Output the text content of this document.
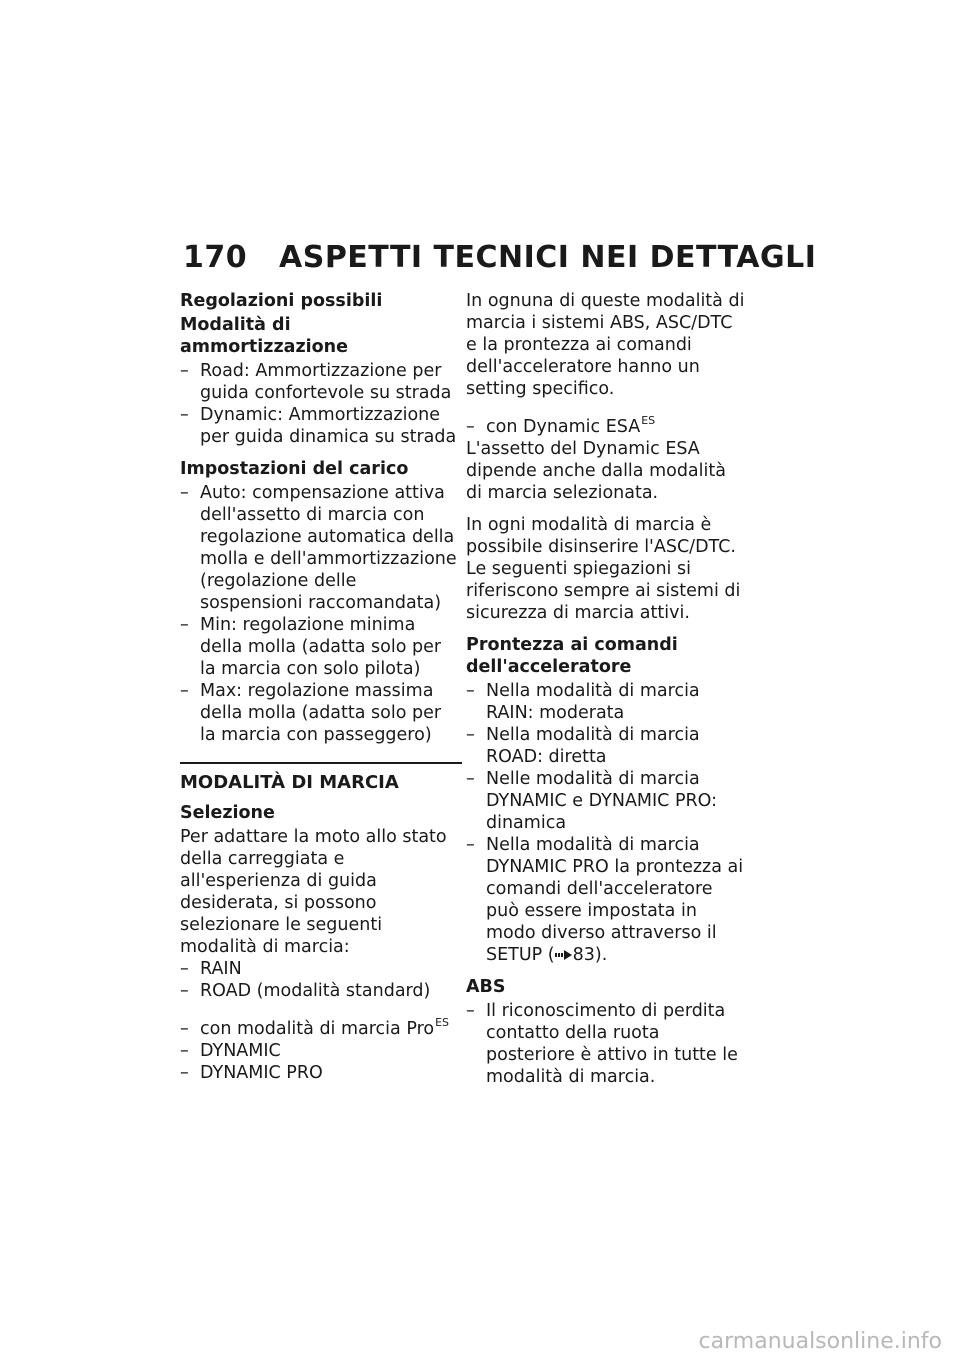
170 ASPETTI TECNICI NEI DETTAGLI
Regolazioni possibili
Modalità di ammortizzazione
– Road: Ammortizzazione per guida confortevole su strada
– Dynamic: Ammortizzazione per guida dinamica su strada
Impostazioni del carico
– Auto: compensazione attiva dell'assetto di marcia con regolazione automatica della molla e dell'ammortizzazione (regolazione delle sospensioni raccomandata)
– Min: regolazione minima della molla (adatta solo per la marcia con solo pilota)
– Max: regolazione massima della molla (adatta solo per la marcia con passeggero)
MODALITÀ DI MARCIA
Selezione

Per adattare la moto allo stato della carreggiata e all'esperienza di guida desiderata, si possono selezionare le seguenti modalità di marcia:

– RAIN
– ROAD (modalità standard)
– con modalità di marcia Pro$^{ES}$
– DYNAMIC
– DYNAMIC PRO

In ognuna di queste modalità di marcia i sistemi ABS, ASC/DTC e la prontezza ai comandi dell'acceleratore hanno un setting specifico.

– con Dynamic $ESA^{ES}$

L'assetto del Dynamic ESA dipende anche dalla modalità di marcia selezionata.

In ogni modalità di marcia è possibile disinserire l'ASC/DTC.

Le seguenti spiegazioni si riferiscono sempre ai sistemi di sicurezza di marcia attivi.

Prontezza ai comandi dell'acceleratore
– Nella modalità di marcia RAIN: moderata
– Nella modalità di marcia ROAD: diretta
– Nelle modalità di marcia DYNAMIC e DYNAMIC PRO: dinamica
– Nella modalità di marcia DYNAMIC PRO la prontezza ai comandi dell'acceleratore può essere impostata in modo diverso attraverso il SETUP ( 83).
ABS
– Il riconoscimento di perdita contatto della ruota posteriore è attivo in tutte le modalità di marcia.
carmanualsonline.info
